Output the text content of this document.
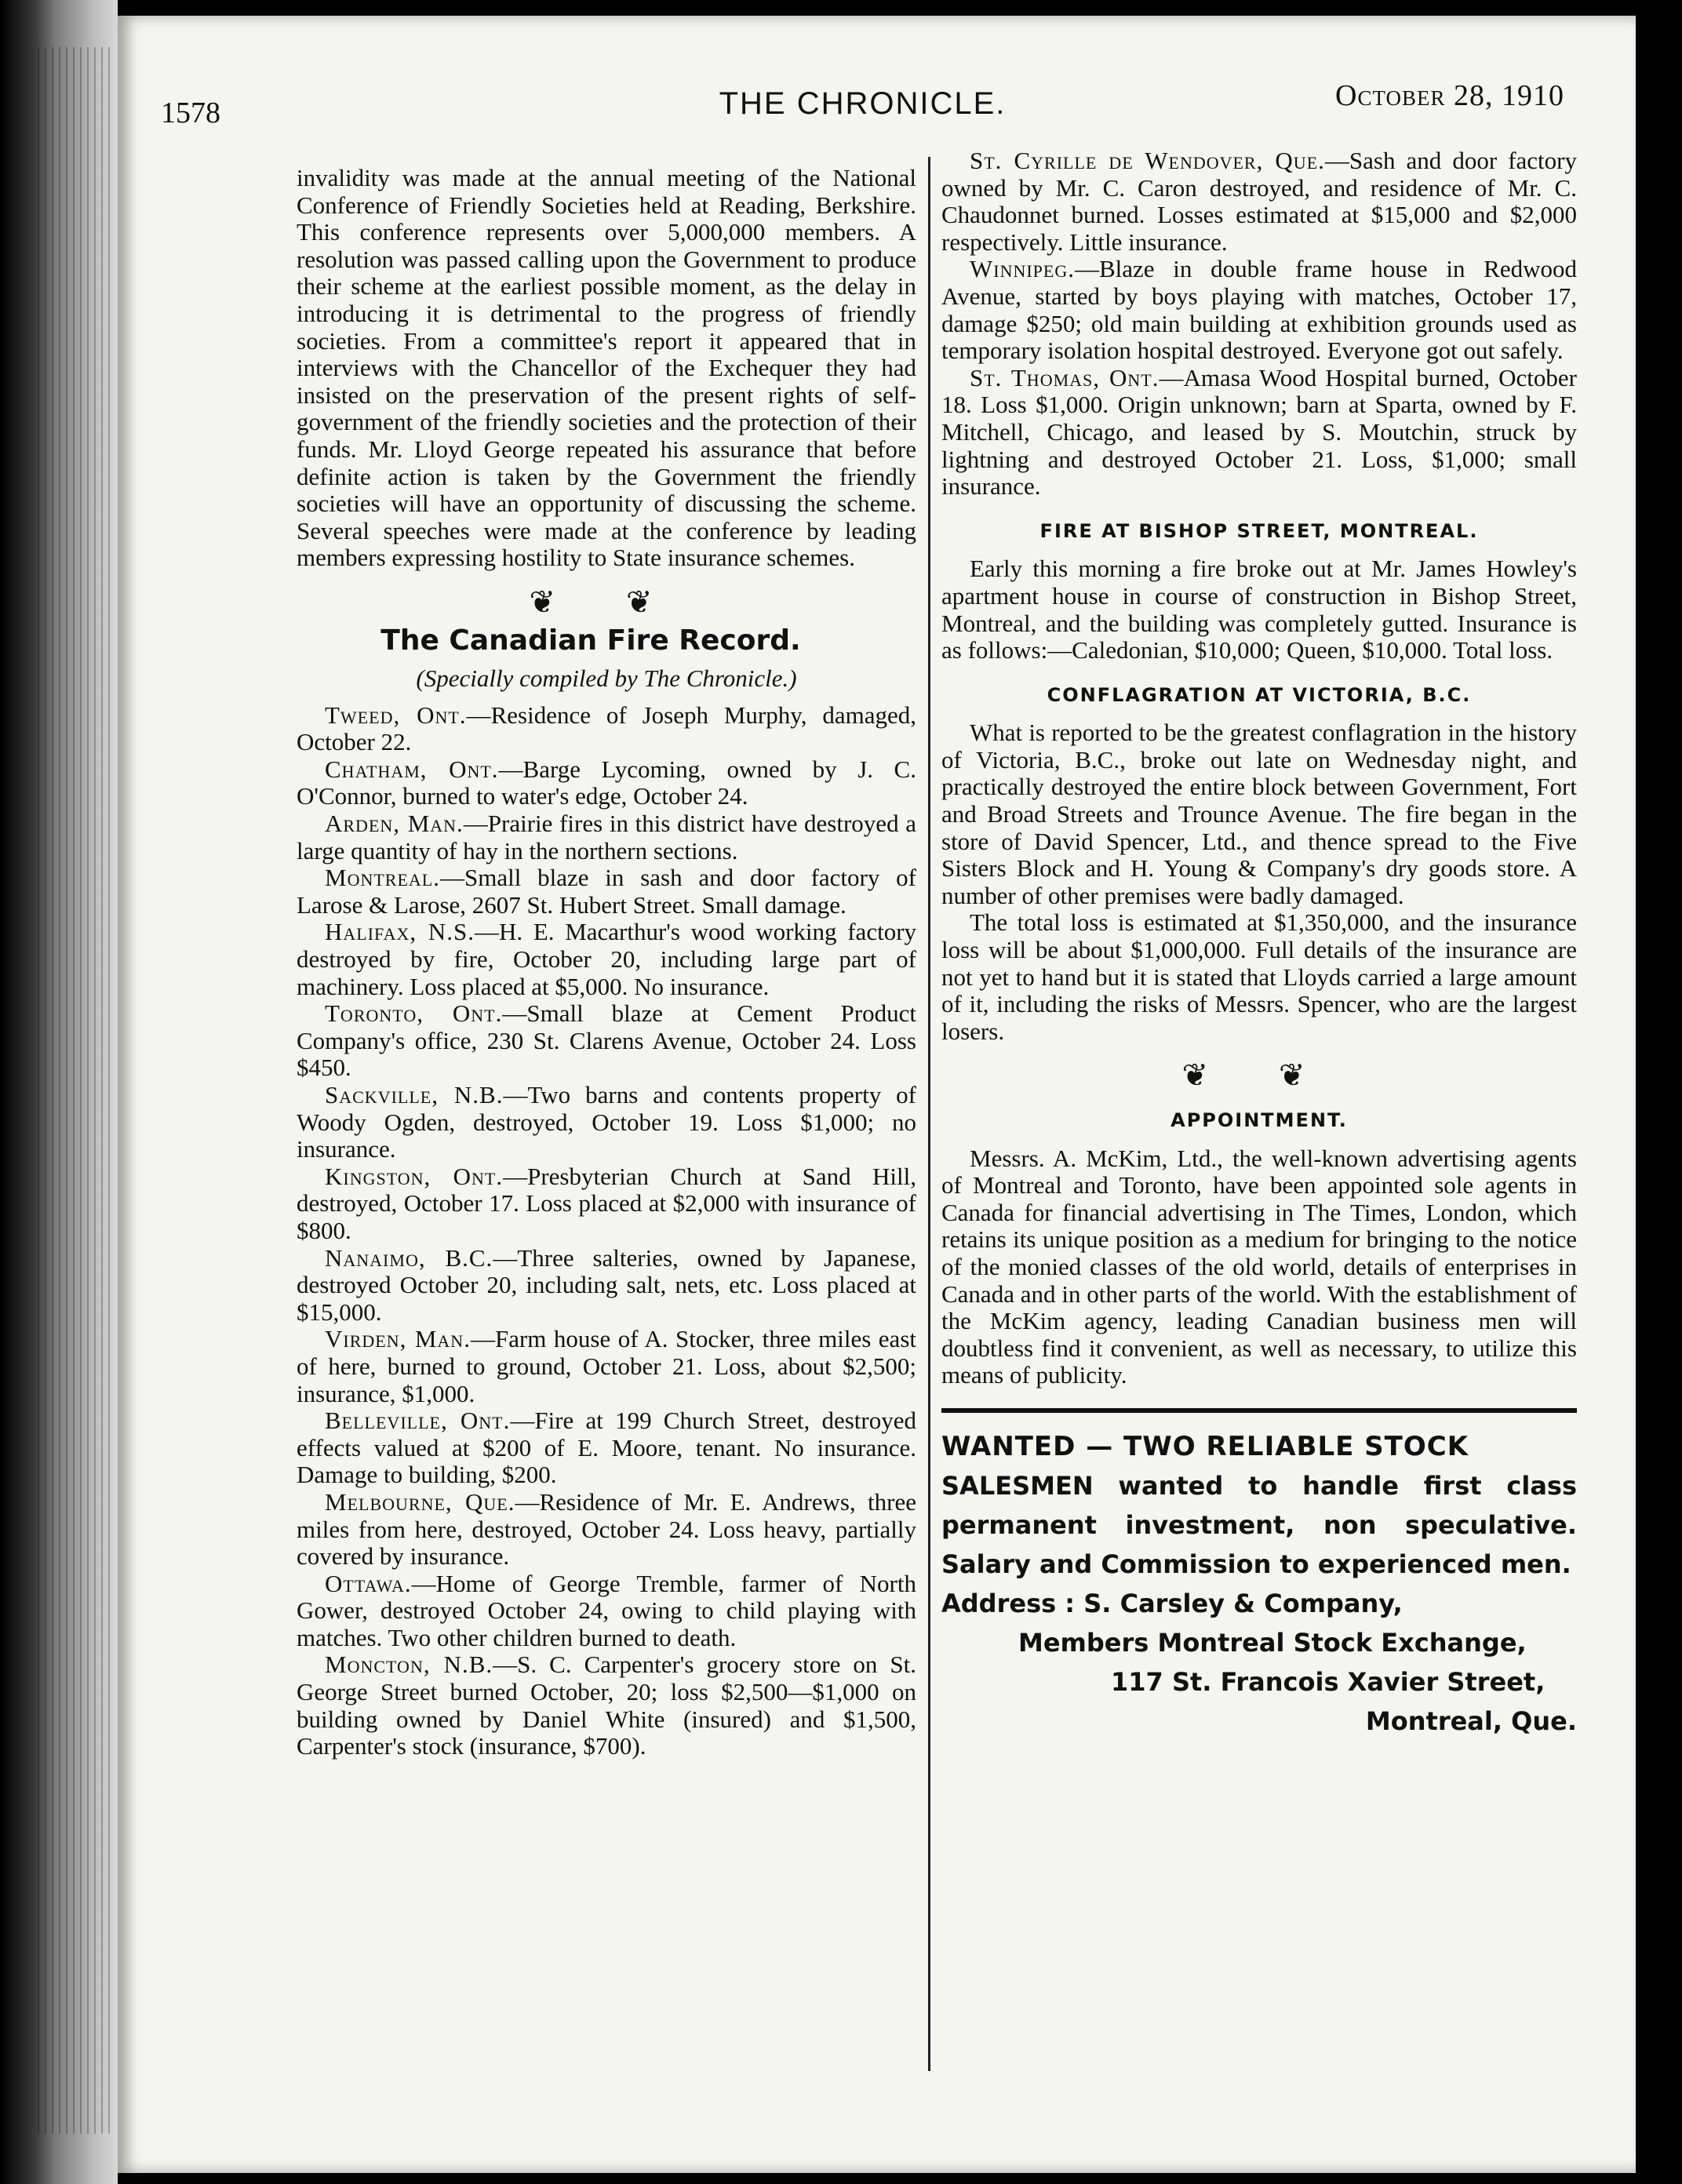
1578	THE CHRONICLE.	October 28, 1910

invalidity was made at the annual meeting of the National Conference of Friendly Societies held at Reading, Berkshire. This conference represents over 5,000,000 members. A resolution was passed calling upon the Government to produce their scheme at the earliest possible moment, as the delay in introducing it is detrimental to the progress of friendly societies. From a committee's report it appeared that in interviews with the Chancellor of the Exchequer they had insisted on the preservation of the present rights of self-government of the friendly societies and the protection of their funds. Mr. Lloyd George repeated his assurance that before definite action is taken by the Government the friendly societies will have an opportunity of discussing the scheme. Several speeches were made at the conference by leading members expressing hostility to State insurance schemes.

❦ ❦
The Canadian Fire Record.
(Specially compiled by The Chronicle.)

Tweed, Ont.—Residence of Joseph Murphy, damaged, October 22.

Chatham, Ont.—Barge Lycoming, owned by J. C. O'Connor, burned to water's edge, October 24.

Arden, Man.—Prairie fires in this district have destroyed a large quantity of hay in the northern sections.

Montreal.—Small blaze in sash and door factory of Larose & Larose, 2607 St. Hubert Street. Small damage.

Halifax, N.S.—H. E. Macarthur's wood working factory destroyed by fire, October 20, including large part of machinery. Loss placed at $5,000. No insurance.

Toronto, Ont.—Small blaze at Cement Product Company's office, 230 St. Clarens Avenue, October 24. Loss $450.

Sackville, N.B.—Two barns and contents property of Woody Ogden, destroyed, October 19. Loss $1,000; no insurance.

Kingston, Ont.—Presbyterian Church at Sand Hill, destroyed, October 17. Loss placed at $2,000 with insurance of $800.

Nanaimo, B.C.—Three salteries, owned by Japanese, destroyed October 20, including salt, nets, etc. Loss placed at $15,000.

Virden, Man.—Farm house of A. Stocker, three miles east of here, burned to ground, October 21. Loss, about $2,500; insurance, $1,000.

Belleville, Ont.—Fire at 199 Church Street, destroyed effects valued at $200 of E. Moore, tenant. No insurance. Damage to building, $200.

Melbourne, Que.—Residence of Mr. E. Andrews, three miles from here, destroyed, October 24. Loss heavy, partially covered by insurance.

Ottawa.—Home of George Tremble, farmer of North Gower, destroyed October 24, owing to child playing with matches. Two other children burned to death.

Moncton, N.B.—S. C. Carpenter's grocery store on St. George Street burned October, 20; loss $2,500—$1,000 on building owned by Daniel White (insured) and $1,500, Carpenter's stock (insurance, $700).

St. Cyrille de Wendover, Que.—Sash and door factory owned by Mr. C. Caron destroyed, and residence of Mr. C. Chaudonnet burned. Losses estimated at $15,000 and $2,000 respectively. Little insurance.

Winnipeg.—Blaze in double frame house in Redwood Avenue, started by boys playing with matches, October 17, damage $250; old main building at exhibition grounds used as temporary isolation hospital destroyed. Everyone got out safely.

St. Thomas, Ont.—Amasa Wood Hospital burned, October 18. Loss $1,000. Origin unknown; barn at Sparta, owned by F. Mitchell, Chicago, and leased by S. Moutchin, struck by lightning and destroyed October 21. Loss, $1,000; small insurance.

FIRE AT BISHOP STREET, MONTREAL.

Early this morning a fire broke out at Mr. James Howley's apartment house in course of construction in Bishop Street, Montreal, and the building was completely gutted. Insurance is as follows:—Caledonian, $10,000; Queen, $10,000. Total loss.

CONFLAGRATION AT VICTORIA, B.C.

What is reported to be the greatest conflagration in the history of Victoria, B.C., broke out late on Wednesday night, and practically destroyed the entire block between Government, Fort and Broad Streets and Trounce Avenue. The fire began in the store of David Spencer, Ltd., and thence spread to the Five Sisters Block and H. Young & Company's dry goods store. A number of other premises were badly damaged.

The total loss is estimated at $1,350,000, and the insurance loss will be about $1,000,000. Full details of the insurance are not yet to hand but it is stated that Lloyds carried a large amount of it, including the risks of Messrs. Spencer, who are the largest losers.

❦ ❦
APPOINTMENT.

Messrs. A. McKim, Ltd., the well-known advertising agents of Montreal and Toronto, have been appointed sole agents in Canada for financial advertising in The Times, London, which retains its unique position as a medium for bringing to the notice of the monied classes of the old world, details of enterprises in Canada and in other parts of the world. With the establishment of the McKim agency, leading Canadian business men will doubtless find it convenient, as well as necessary, to utilize this means of publicity.

WANTED — TWO RELIABLE STOCK
SALESMEN wanted to handle first class permanent investment, non speculative. Salary and Commission to experienced men.
Address : S. Carsley & Company,
Members Montreal Stock Exchange,
117 St. Francois Xavier Street,
Montreal, Que.
